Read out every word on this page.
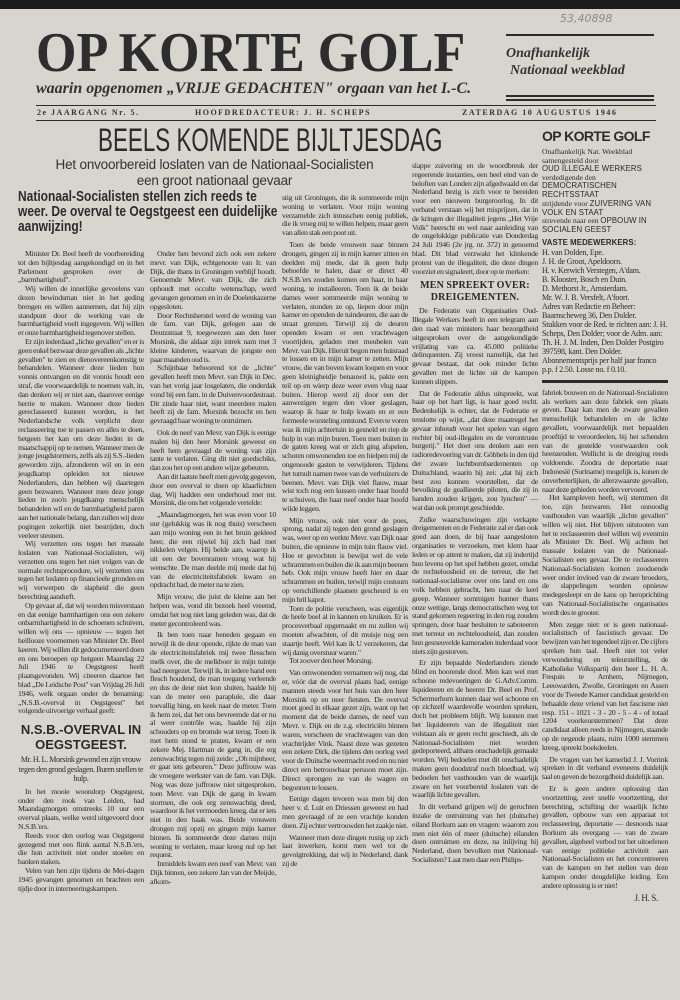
53,40898
OP KORTE GOLF	Onafhankelijk
Nationaal weekblad
waarin opgenomen „VRIJE GEDACHTEN" orgaan van het I.-C.
2e JAARGANG Nr. 5.	HOOFDREDACTEUR: J. H. SCHEPS	ZATERDAG 10 AUGUSTUS 1946
BEELS KOMENDE BIJLTJESDAG
Het onvoorbereid loslaten van de Nationaal-Socialisten
een groot nationaal gevaar
Nationaal-Socialisten stellen zich reeds te weer. De overval te Oegstgeest een duidelijke aanwijzing!

Minister Dr. Beel heeft de voorbereiding tot den bijltjesdag aangekondigd en in het Parlement gesproken over de „barmhartigheid".

Wij willen de innerlijke gevoelens van dezen bewindsman niet in het geding brengen en willen aannemen, dat hij zijn standpunt door de werking van de barmhartigheid voelt ingegeven. Wij willen er onze barmhartigheid tegenover stellen.

Er zijn inderdaad „lichte gevallen" en er is geen enkel bezwaar deze gevallen als „lichte gevallen" te zien en dienovereenkomstig te behandelen. Wanneer deze lieden hun vonnis ontvangen en dit vonnis houdt een straf, die voorwaardelijk te noemen valt, in, dan denken wij er niet aan, daarover eenige herrie te maken. Wanneer deze lieden gereclasseerd kunnen worden, is het Nederlandsche volk verplicht deze reclasseering toe te passen en alles te doen, hetgeen het kan om deze lieden in de maatschappij op te nemen. Wanneer men de jonge jeugdstormers, zelfs als zij S.S.-lieden geworden zijn, afzonderen wil en in een jeugdkamp opleiden tot nieuwe Nederlanders, dan hebben wij daartegen geen bezwaren. Wanneer men deze jonge lieden in zoo'n jeugdkamp menschelijk behandelen wil en de barmhartigheid paren aan het nationale belang, dan zullen wij deze pogingen zekerlijk niet bestrijden, doch veeleer steunen.

Wij verzetten ons tegen het massale loslaten van Nationaal-Socialisten, wij verzetten ons tegen het niet volgen van de normale rechtsprocedure, wij verzetten ons tegen het loslaten op financieele gronden en wij verwerpen de slapheid die geen berechting aandurft.

Op gevaar af, dat wij worden misverstaan en dat eenige barmhartigen ons een zekere onbarmhartigheid in de schoenen schuiven, willen wij ons — opnieuw — tegen het heillooze voornemen van Minister Dr. Beel keeren. Wij willen dit gedocumenteerd doen en ons beroepen op hetgeen Maandag 22 Juli 1946 te Oegstgeest heeft plaatsgevonden. Wij citeeren daartoe het blad „De Leidsche Post" van Vrijdag 26 Juli 1946, welk orgaan onder de benaming: „N.S.B.-overval in Oegstgeest" het volgende uitvoerige verhaal geeft:

N.S.B.-OVERVAL IN OEGSTGEEST.

Mr. H. L. Morsink gewond en zijn vrouw tegen den grond geslagen. Buren snellen te hulp.

In het mooie woondorp Oegstgeest, onder den rook van Leiden, had Maandagmorgen omstreeks 10 uur een overval plaats, welke werd uitgevoerd door N.S.B.'ers.

Reeds voor den oorlog was Oegstgeest gezegend met een flink aantal N.S.B.'ers, die hun activiteit niet onder stoelen en banken staken.

Velen van hen zijn tijdens de Mei-dagen 1945 gevangen genomen en brachten een tijdje door in interneeringskampen.

Onder hen bevond zich ook een zekere mevr. van Dijk, echtgenoote van Ir. van Dijk, die thans in Groningen verblijf houdt. Genoemde Mevr. van Dijk, die zich ophoudt met occulte wetenschap, werd gevangen genomen en in de Doelenkazerne opgesloten.

Door Rechtsherstel werd de woning van de fam. van Dijk, gelegen aan de Deutzstraat 9, toegewezen aan den heer Morsink, die aldaar zijn intrek nam met 3 kleine kinderen, waarvan de jongste een paar maanden oud is.

Schijnbaar behoorend tot de „lichte" gevallen heeft men Mevr. van Dijk in Dec. van het vorig jaar losgelaten, die onderdak vond bij een fam. in de Duivenvoordestraat. Dit zinde haar niet, want meerdere malen heeft zij de fam. Morsink bezocht en hen gevraagd haar woning te ontruimen.

Ook de neef van Mevr. van Dijk is eenige malen bij den heer Morsink geweest en heeft hem gevraagd de woning van zijn tante te verlaten. Ging dit niet goedschiks, dan zou het op een andere wijze gebeuren.

Aan dit laatste heeft men gevolg gegeven, door een overval te doen op klaarlichten dag. Wij hadden een onderhoud met mr. Morsink, die ons het volgende vertelde:

„Maandagmorgen, het was even voor 10 uur (gelukkig was ik nog thuis) verscheen aan mijn woning een in het bruin gekleed heer, die een rijwiel bij zich had met nikkelen velgen. Hij belde aan, waarop ik uit een der bovenramen vroeg wat hij wenschte. De man deelde mij mede dat hij van de electriciteitsfabriek kwam en opdracht had, de meter na te zien.

Mijn vrouw, die juist de kleine aan het helpen was, vond dit bezoek heel vreemd, omdat het nog niet lang geleden was, dat de meter gecontroleerd was.

Ik ben toen naar beneden gegaan en terwijl ik de deur opende, rijkte de man van de electriciteitsfabriek mij twee flesschen melk over, die de melkboer in mijn tuintje had neergezet. Terwijl ik, in iedere hand een flesch houdend, de man toegang verleende en dus de deur niet kon sluiten, haalde hij van de meter een paraplule, die daar toevallig hing, en keek naar de meter. Toen ik hem zei, dat het ons bevreemde dat er nu al weer contrôle was, haalde hij zijn schouders op en bromde wat terug. Toen ik met hem stond te praten, kwam er een zekere Mej. Hartman de gang in, die erg zenuwachtig tegen mij zeide: „Oh mijnheer, er gaat iets gebeuren." Deze juffrouw was de vroegere werkster van de fam. van Dijk. Nog was deze juffrouw niet uitgesproken, toen Mevr. van Dijk de gang in kwam stormen, die ook erg zenuwachtig deed, waardoor ik het vermoeden kreeg, dat er iets niet in den haak was. Beide vrouwen drongen mij opzij en gingen mijn kamer binnen. Ik sommeerde deze dames mijn woning te verlaten, maar kreeg nul op het request.

Inmiddels kwam een neef van Mevr. van Dijk binnen, een zekere Jan van der Meijde, afkom-

stig uit Groningen, die ik sommeerde mijn woning te verlaten. Voor mijn woning verzamelde zich intusschen eenig publiek, die ik vroeg mij te willen helpen, maar geen van allen stak een poot uit.

Toen de beide vrouwen naar binnen drongen, gingen zij in mijn kamer zitten en deelden mij mede, dat ik geen hulp behoefde te halen, daar er direct 40 N.S.B.'ers zouden komen om haar, in haar woning, te installeeren. Toen ik de beide dames weer sommeerde mijn woning te verlaten, stonden ze op, liepen door mijn kamer en openden de tuindeuren, die aan de straat grenzen. Terwijl zij de deuren openden kwam er een vrachtwagen voorrijden, geladen met meubelen van Mevr. van Dijk. Hieruit begon men huisraad te lossen en in mijn kamer te zetten. Mijn vrouw, die van boven kwam loopen en voor geen kleinigheidje benauwd is, pakte een teil op en wierp deze weer even vlug naar buiten. Hierop werd zij door een der aanwezigen tegen den vloer geslagen, waarop ik haar te hulp kwam en er een formeele worsteling ontstond. Even te voren was ik mijn achtertuin in gesneld en riep de hulp in van mijn buren. Toen men buiten in de gaten kreeg wat er zich ging afspelen, schoten omwonenden toe en hielpen mij de ongenoode gasten te verwijderen. Tijdens het tumult namen twee van de verhuizers de beenen. Mevr. van Dijk viel flauw, maar wist toch nog een kussen onder haar hoofd te schuiven, die haar neef onder haar hoofd wilde leggen.

Mijn vrouw, ook niet voor de poes, sprong, nadat zij tegen den grond geslagen was, weer op en werkte Mevr. van Dijk naar buiten, die opnieuw in mijn tuin flauw viel. Hoe er gevochten is bewijst wel de vele schrammen en builen die ik aan mijn beenen heb. Ook mijn vrouw heeft hier en daar schrammen en builen, terwijl mijn costuum op verschillende plaatsen gescheurd is en mijn bril kapot.

Toen de politie verscheen, was eigenlijk de heele boel al in kannen en kruiken. Er is procesverbaal opgemaakt en nu zullen wij moeten afwachten, of dit muisje nog een staartje heeft. Wel kan ik U verzekeren, dat wij danig overstuur waren."

Tot zoover den heer Morsing.

Van omwonenden vernamen wij nog, dat er, vóór dat de overval plaats had, eenige mannen steeds voor het huis van den heer Morsink op en neer fietsten. De overval moet goed in elkaar gezet zijn, want op het moment dat de beide dames, de neef van Mevr. v. Dijk en de z.g. electriciën binnen waren, verscheen de vrachtwagen van den vrachtrijder Vink. Naast deze was gezeten een zekere Dirk, die tijdens den oorlog veel voor de Duitsche weermacht reed en nu niet direct een betrouwbaar persoon moet zijn. Direct sprongen ze van de wagen en begonnen te lossen.

Eenige dagen tevoren was men bij den heer v. d. Luit en Driessen geweest en had men gevraagd of ze een vrachtje konden doen. Zij echter vertrouwden het zaakje niet.

Wanneer men deze dingen rustig op zich laat inwerken, komt men wel tot de gevolgtrekking, dat wij in Nederland, dank zij de

slappe zuivering en de woordbreuk der regeerende instanties, een heel eind van de beloften van Londen zijn afgedwaald en dat Nederland bezig is zich voor te bereiden voor een nieuwen burgeroorlog. In dit verband verstaan wij het misprijzen, dat in de kringen der illegaliteit jegens „Het Vrije Volk" heerscht en wel naar aanleiding van de ongelukkige publicatie van Donderdag 24 Juli 1946 (2e jrg. nr. 372) in genoemd blad. Dit blad verzwakt het klinkende protest van de illegaliteit, die deze dingen voorziet en signaleert, door op te merken:

MEN SPREEKT OVER: DREIGEMENTEN.

De Federatie van Organisaties Oud-Illegale Werkers heeft in een telegram aan den raad van ministers haar bezorgdheid uitgesproken over de aangekondigde vrijlating van ca. 45.000 politieke delinquenten. Zij vreest namelijk, dat het gevaar bestaat, dat ook minder lichte gevallen met de lichte uit de kampen kunnen slippen.

Dat de Federatie aldus uitspreekt, wat haar op het hart ligt, is haar goed recht. Bedenkelijk is echter, dat de Federatie er tenslotte op wijst, „dat deze maatregel het gevaar inhoudt voor het spelen van eigen rechter bij oud-illegalen en de verontruste burgerij." Het doet ons denken aan een radioredevoering van dr. Göbbels in den tijd der zware luchtbombardementen op Duitschland, waarin hij zei: „dat hij zich best zou kunnen voorstellen, dat de bevolking de geallieerde piloten, die zij in handen zouden krijgen, zou lynchen" — wat dan ook prompt geschiedde.

Zulke waarschuwingen zijn verkapte dreigementen en de Federatie zal er dan ook goed aan doen, de bij haar aangesloten organisaties te verzoeken, met klem haar leden er op attent te maken, dat zij indertijd hun levens op het spel hebben gezet, omdat de rechteloosheid en de terreur, die het nationaal-socialisme over ons land en ons volk hebben gebracht, hen naar de keel greep. Wanneer sommigen hunner thans onze wettige, langs democratischen weg tot stand gekomen regeering in den rug zouden springen, door haar besluiten te saboteeren met terreur en rechteloosheid, dan zouden hun gesneuvelde kameraden inderdaad voor niets zijn gestorven.

Er zijn bepaalde Nederlanders ziende blind en hoorende doof. Men kan wel met schoone redevoeringen de G.Adv.Comm. liquideeren en de heeren Dr. Beel en Prof. Schermerhorn kunnen daar wel schoone en op zichzelf waardevolle woorden spreken, doch het probleem blijft. Wij kunnen met het liquideeren van de illegaliteit niet volstaan als er geen recht geschiedt, als de Nationaal-Socialisten niet worden gedeporteerd, althans onschadelijk gemaakt worden. Wij bedoelen met dit onschadelijk maken geen doodstraf noch bloedbad, wij bedoelen het vasthouden van de waarlijk zware en het voorbereid loslaten van de waarlijk lichte gevallen.

In dit verband grijpen wij de geruchten inzake de ontruiming van het (duitsche) eiland Borkum aan en vragen: waarom zou men niet één of meer (duitsche) eilanden doen ontruimen en deze, na inlijving bij Nederland, doen bevolken met Nationaal-Socialisten? Laat men daar een Philips-

OP KORTE GOLF
Onafhankelijk Nat. Weekblad samengesteld door
OUD ILLEGALE WERKERS
verdedigende den
DEMOCRATISCHEN RECHTSSTAAT
strijdende voor ZUIVERING VAN VOLK EN STAAT
strevende naar een OPBOUW IN SOCIALEN GEEST
VASTE MEDEWERKERS:
H. van Dolden, Epe.
J. H. de Groot, Apeldoorn.
H. v. Kerwich Verstegen, A'dam.
B. Klooster, Bosch en Duin.
D. Methorst Jr., Amsterdam.
Mr. W. J. B. Versfelt, A'foort.
Adres van Redactie en Beheer: Baarnscheweg 36, Den Dolder.
Stukken voor de Red. te richten aan: J. H. Scheps, Den Dolder; voor de Adm. aan: Th. H. J. M. Inden, Den Dolder Postgiro 397598, kant. Den Dolder.
Abonnementsprijs per half jaar franco p.p. f 2.50. Losse no. f 0.10.

fabriek bouwen en de Nationaal-Socialisten als werkers aan deze fabriek een plaats geven. Daar kan men de zware gevallen menschelijk behandelen en de lichte gevallen, voorwaardelijk met bepaalden proeftijd te veroordeelen, bij het schenden van de gestelde voorwaarden ook heenzenden. Wellicht is de dreiging reeds voldoende. Zoodra de deportatie naar Indonesië (Suriname) mogelijk is, kunen de onverbeterlijken, de allerzwaarste gevallen, naar deze gebieden worden vervoerd.

Het kampleven heeft, wij stemmen dit toe, zijn bezwaren. Het onnoodig vasthouden van waarlijk „lichte gevallen" willen wij niet. Het blijven uitstooten van het te reclasseeren deel willen wij evenmin als Minister Dr. Beel. Wij achten het massale loslaten van de Nationaal-Socialisten een gevaar. De te reclasseeren Nationaal-Socialisten komen zoodoende weer onder invloed van de zware broeders, de slappelingen worden opnieuw medegesleept en de kans op heroprichting van Nationaal-Socialistische organisaties wordt des te grooter.

Men zegge niet: er is geen nationaal-socialistisch of fascistisch gevaar. De bewijzen van het tegendeel zijn er. De cijfers spreken hun taal. Heeft niet tot veler verwondering en teleurstelling, de Katholieke Volkspartij den heer L. H. A. Frequin te Arnhem, Nijmegen, Leeuwarden, Zwolle, Groningen en Assen voor de Tweede Kamer candidaat gesteld en behaalde deze vriend van het fascisme niet resp. 151 - 1021 - 3 - 20 - 5 - 4 - of totaal 1204 voorkeurstemmen? Dat deze candidaat alleen reeds in Nijmegen, staande op de negende plaats, ruim 1000 stemmen kreeg, spreekt boekdeelen.

De vragen van het kamerlid J. J. Vorrink spreken in dit verband eveneens duidelijk taal en geven de bezorgdheid duidelijk aan.

Er is geen andere oplossing dan voortzetting, zeer snelle voortzetting, der berechting, schifting der waarlijk lichte gevallen, opbouw van een apparaat tot reclasseering, deportatie — desnoods naar Borkum als overgang — van de zware gevallen, algeheel verbod tot het uitoefenen van eenige politieke activiteit aan Nationaal-Socialisten en het concentreeren van de kampen en het stellen van deze kampen onder deugdelijke leiding. Een andere oplossing is er niet!

J. H. S.
